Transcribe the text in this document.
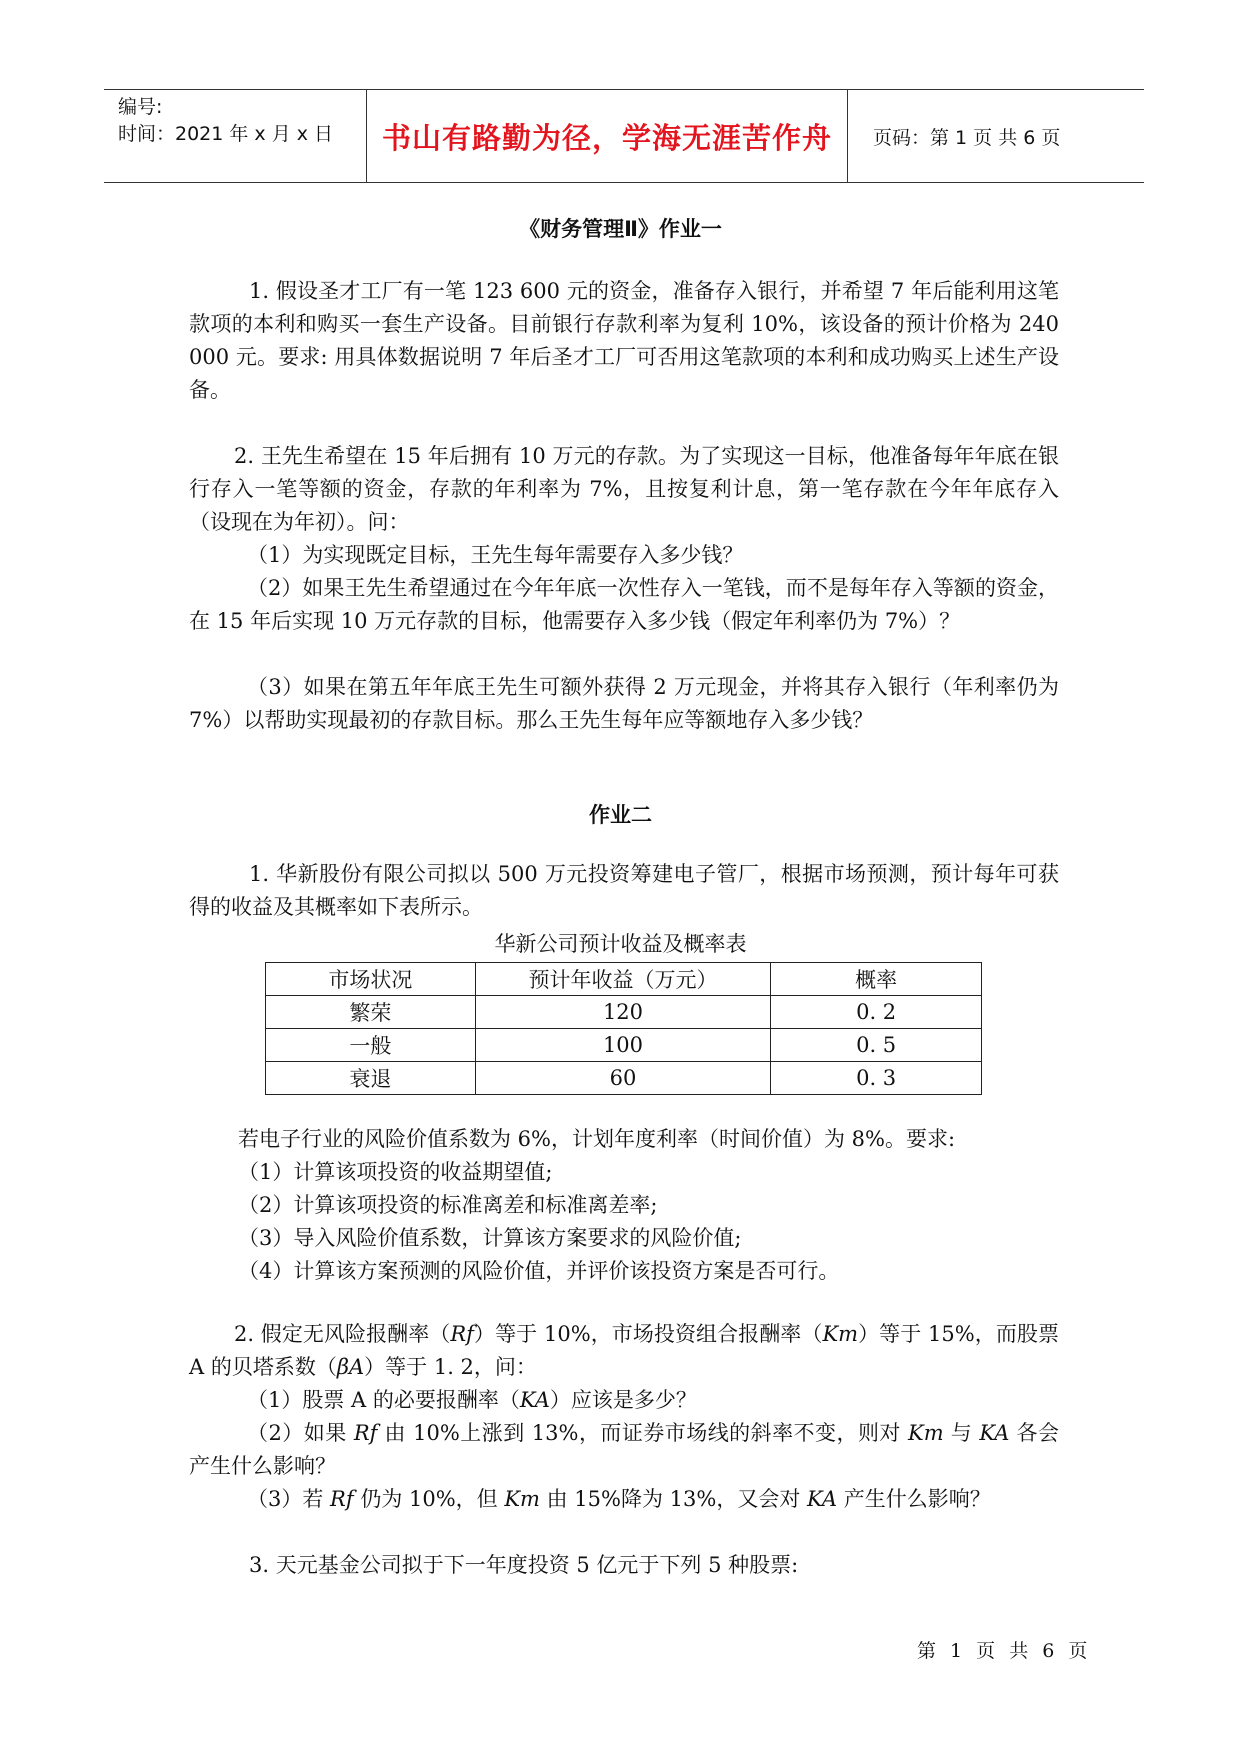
编号:
时间：2021 年 x 月 x 日	书山有路勤为径，学海无涯苦作舟	页码：第 1 页 共 6 页
《财务管理Ⅱ》作业一

1. 假设圣才工厂有一笔 123 600 元的资金，准备存入银行，并希望 7 年后能利用这笔款项的本利和购买一套生产设备。目前银行存款利率为复利 10%，该设备的预计价格为 240 000 元。要求: 用具体数据说明 7 年后圣才工厂可否用这笔款项的本利和成功购买上述生产设备。

2. 王先生希望在 15 年后拥有 10 万元的存款。为了实现这一目标，他准备每年年底在银行存入一笔等额的资金，存款的年利率为 7%，且按复利计息，第一笔存款在今年年底存入（设现在为年初）。问：

（1）为实现既定目标，王先生每年需要存入多少钱？

（2）如果王先生希望通过在今年年底一次性存入一笔钱，而不是每年存入等额的资金，在 15 年后实现 10 万元存款的目标，他需要存入多少钱（假定年利率仍为 7%）？

（3）如果在第五年年底王先生可额外获得 2 万元现金，并将其存入银行（年利率仍为 7%）以帮助实现最初的存款目标。那么王先生每年应等额地存入多少钱？

作业二

1. 华新股份有限公司拟以 500 万元投资筹建电子管厂，根据市场预测，预计每年可获得的收益及其概率如下表所示。

华新公司预计收益及概率表
市场状况	预计年收益（万元）	概率
繁荣	120	0. 2
一般	100	0. 5
衰退	60	0. 3

若电子行业的风险价值系数为 6%，计划年度利率（时间价值）为 8%。要求:

（1）计算该项投资的收益期望值;

（2）计算该项投资的标准离差和标准离差率;

（3）导入风险价值系数，计算该方案要求的风险价值;

（4）计算该方案预测的风险价值，并评价该投资方案是否可行。

2. 假定无风险报酬率（Rf）等于 10%，市场投资组合报酬率（Km）等于 15%，而股票 A 的贝塔系数（βA）等于 1. 2，问：

（1）股票 A 的必要报酬率（KA）应该是多少？

（2）如果 Rf 由 10%上涨到 13%，而证券市场线的斜率不变，则对 Km 与 KA 各会产生什么影响？

（3）若 Rf 仍为 10%，但 Km 由 15%降为 13%，又会对 KA 产生什么影响？

3. 天元基金公司拟于下一年度投资 5 亿元于下列 5 种股票:

第 1 页 共 6 页
